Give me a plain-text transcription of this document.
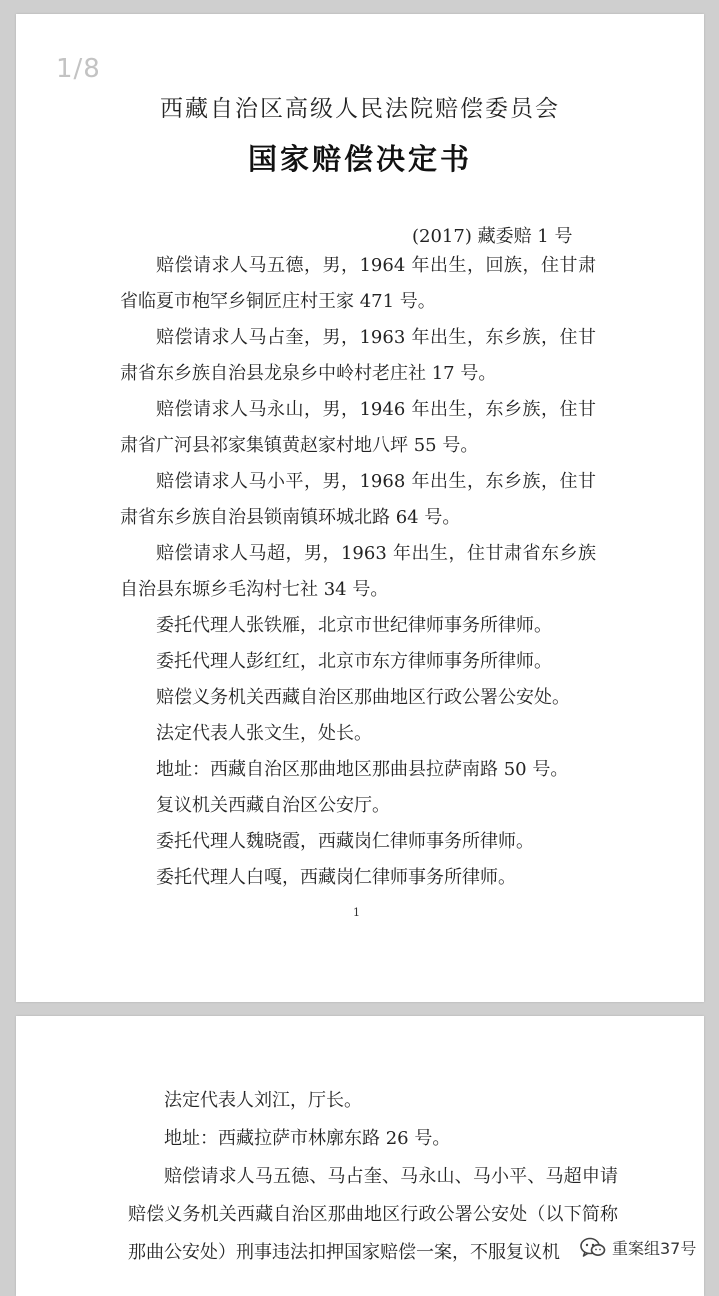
1/8
西藏自治区高级人民法院赔偿委员会
国家赔偿决定书
(2017) 藏委赔 1 号

赔偿请求人马五德，男，1964 年出生，回族，住甘肃省临夏市枹罕乡铜匠庄村王家 471 号。

赔偿请求人马占奎，男，1963 年出生，东乡族，住甘肃省东乡族自治县龙泉乡中岭村老庄社 17 号。

赔偿请求人马永山，男，1946 年出生，东乡族，住甘肃省广河县祁家集镇黄赵家村地八坪 55 号。

赔偿请求人马小平，男，1968 年出生，东乡族，住甘肃省东乡族自治县锁南镇环城北路 64 号。

赔偿请求人马超，男，1963 年出生，住甘肃省东乡族自治县东塬乡毛沟村七社 34 号。

委托代理人张铁雁，北京市世纪律师事务所律师。

委托代理人彭红红，北京市东方律师事务所律师。

赔偿义务机关西藏自治区那曲地区行政公署公安处。

法定代表人张文生，处长。

地址：西藏自治区那曲地区那曲县拉萨南路 50 号。

复议机关西藏自治区公安厅。

委托代理人魏晓霞，西藏岗仁律师事务所律师。

委托代理人白嘎，西藏岗仁律师事务所律师。

1

法定代表人刘江，厅长。

地址：西藏拉萨市林廓东路 26 号。

赔偿请求人马五德、马占奎、马永山、马小平、马超申请赔偿义务机关西藏自治区那曲地区行政公署公安处（以下简称那曲公安处）刑事违法扣押国家赔偿一案，不服复议机	重案组37号
